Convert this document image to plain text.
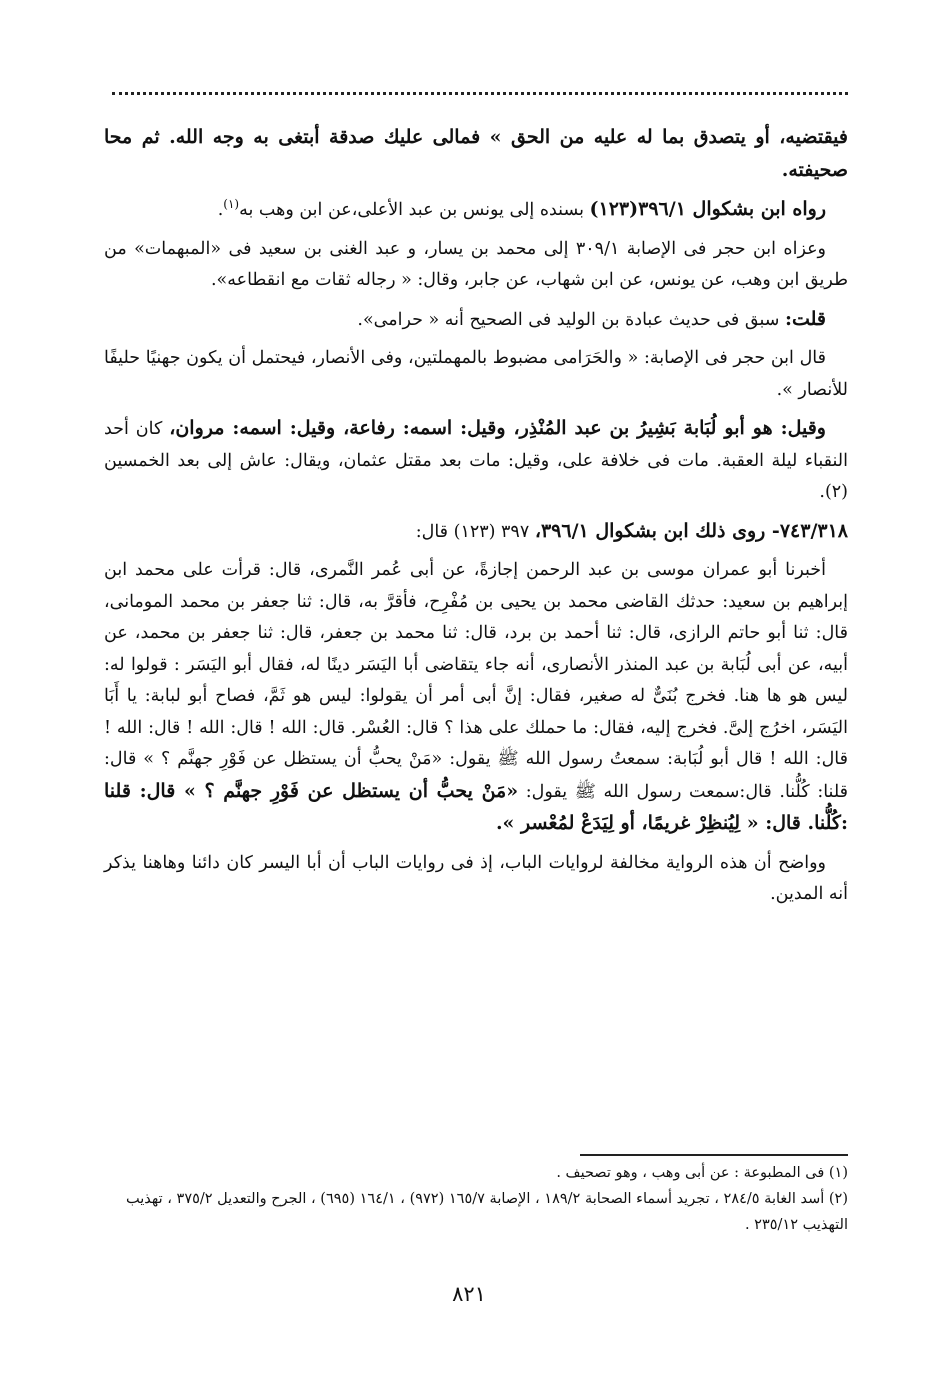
فيقتضيه، أو يتصدق بما له عليه من الحق » فمالى عليك صدقة أبتغى به وجه الله. ثم محا صحيفته.

رواه ابن بشكوال ٣٩٦/١(١٢٣) بسنده إلى يونس بن عبد الأعلى،عن ابن وهب به$^{(١)}$.

وعزاه ابن حجر فى الإصابة ٣٠٩/١ إلى محمد بن يسار، و عبد الغنى بن سعيد فى «المبهمات» من طريق ابن وهب، عن يونس، عن ابن شهاب، عن جابر، وقال: « رجاله ثقات مع انقطاعه».

قلت: سبق فى حديث عبادة بن الوليد فى الصحيح أنه « حرامى».

قال ابن حجر فى الإصابة: « والحَرَامى مضبوط بالمهملتين، وفى الأنصار، فيحتمل أن يكون جهنيًا حليفًا للأنصار ».

وقيل: هو أبو لُبَابة بَشِيرُ بن عبد المُنْذِر، وقيل: اسمه: رفاعة، وقيل: اسمه: مروان، كان أحد النقباء ليلة العقبة. مات فى خلافة على، وقيل: مات بعد مقتل عثمان، ويقال: عاش إلى بعد الخمسين (٢).

٧٤٣/٣١٨- روى ذلك ابن بشكوال ٣٩٦/١، ٣٩٧ (١٢٣) قال:

أخبرنا أبو عمران موسى بن عبد الرحمن إجازةً، عن أبى عُمر النَّمرى، قال: قرأت على محمد ابن إبراهيم بن سعيد: حدثك القاضى محمد بن يحيى بن مُفْرِح، فأقرَّ به، قال: ثنا جعفر بن محمد المومانى، قال: ثنا أبو حاتم الرازى، قال: ثنا أحمد بن برد، قال: ثنا محمد بن جعفر، قال: ثنا جعفر بن محمد، عن أبيه، عن أبى لُبَابة بن عبد المنذر الأنصارى، أنه جاء يتقاضى أبا اليَسَر دينًا له، فقال أبو اليَسَر : قولوا له: ليس هو ها هنا. فخرج بُنَىٌّ له صغير، فقال: إنَّ أبى أمر أن يقولوا: ليس هو ثَمَّ، فصاح أبو لبابة: يا أَبَا اليَسَر، اخرُج إلىَّ. فخرج إليه، فقال: ما حملك على هذا ؟ قال: العُسْر. قال: الله ! قال: الله ! قال: الله ! قال: الله ! قال أبو لُبَابة: سمعتُ رسول الله ﷺ يقول: «مَنْ يحبُّ أن يستظل عن فَوْرِ جهنَّم ؟ » قال: قلنا: كُلُّنا. قال:سمعت رسول الله ﷺ يقول: «مَنْ يحبُّ أن يستظل عن فَوْرِ جهنَّم ؟ » قال: قلنا :كُلُّنا. قال: « لِيُنظِرْ غريمًا، أو لِيَدَعْ لمُعْسر ».

وواضح أن هذه الرواية مخالفة لروايات الباب، إذ فى روايات الباب أن أبا اليسر كان دائنا وهاهنا يذكر أنه المدين.

(١) فى المطبوعة : عن أبى وهب ، وهو تصحيف .

(٢) أسد الغابة ٢٨٤/٥ ، تجريد أسماء الصحابة ١٨٩/٢ ، الإصابة ١٦٥/٧ (٩٧٢) ، ١٦٤/١ (٦٩٥) ، الجرح والتعديل ٣٧٥/٢ ، تهذيب التهذيب ٢٣٥/١٢ .

٨٢١
